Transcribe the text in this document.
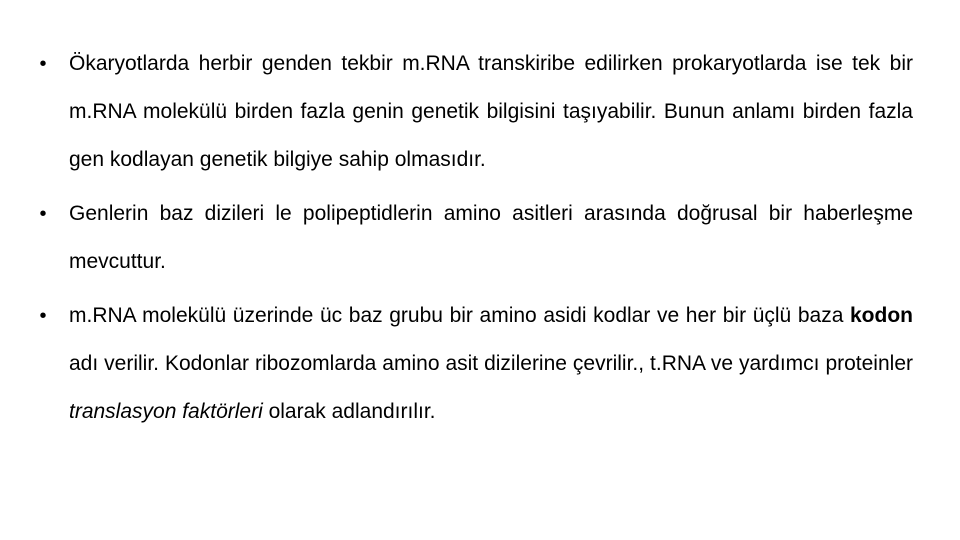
•	Ökaryotlarda herbir genden tekbir m.RNA transkiribe edilirken prokaryotlarda ise tek bir m.RNA molekülü birden fazla genin genetik bilgisini taşıyabilir. Bunun anlamı birden fazla gen kodlayan genetik bilgiye sahip olmasıdır.
•	Genlerin baz dizileri le polipeptidlerin amino asitleri arasında doğrusal bir haberleşme mevcuttur.
•	m.RNA molekülü üzerinde üc baz grubu bir amino asidi kodlar ve her bir üçlü baza kodon adı verilir. Kodonlar ribozomlarda amino asit dizilerine çevrilir., t.RNA ve yardımcı proteinler translasyon faktörleri olarak adlandırılır.
